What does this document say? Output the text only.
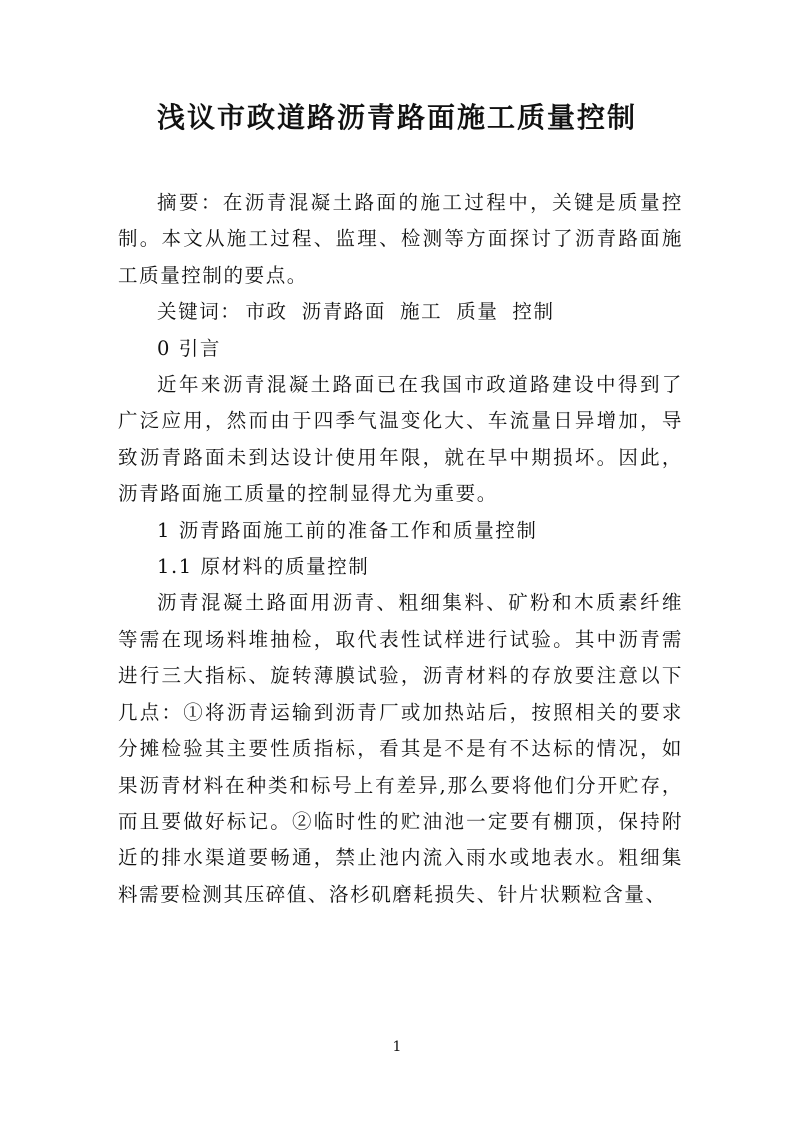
浅议市政道路沥青路面施工质量控制

摘要：在沥青混凝土路面的施工过程中，关键是质量控制。本文从施工过程、监理、检测等方面探讨了沥青路面施工质量控制的要点。

关键词： 市政 沥青路面 施工 质量 控制

0 引言

近年来沥青混凝土路面已在我国市政道路建设中得到了广泛应用，然而由于四季气温变化大、车流量日异增加，导致沥青路面未到达设计使用年限，就在早中期损坏。因此，沥青路面施工质量的控制显得尤为重要。

1 沥青路面施工前的准备工作和质量控制

1.1 原材料的质量控制

沥青混凝土路面用沥青、粗细集料、矿粉和木质素纤维等需在现场料堆抽检，取代表性试样进行试验。其中沥青需进行三大指标、旋转薄膜试验，沥青材料的存放要注意以下几点：①将沥青运输到沥青厂或加热站后，按照相关的要求分摊检验其主要性质指标，看其是不是有不达标的情况，如果沥青材料在种类和标号上有差异,那么要将他们分开贮存，而且要做好标记。②临时性的贮油池一定要有棚顶，保持附近的排水渠道要畅通，禁止池内流入雨水或地表水。粗细集料需要检测其压碎值、洛杉矶磨耗损失、针片状颗粒含量、

1
